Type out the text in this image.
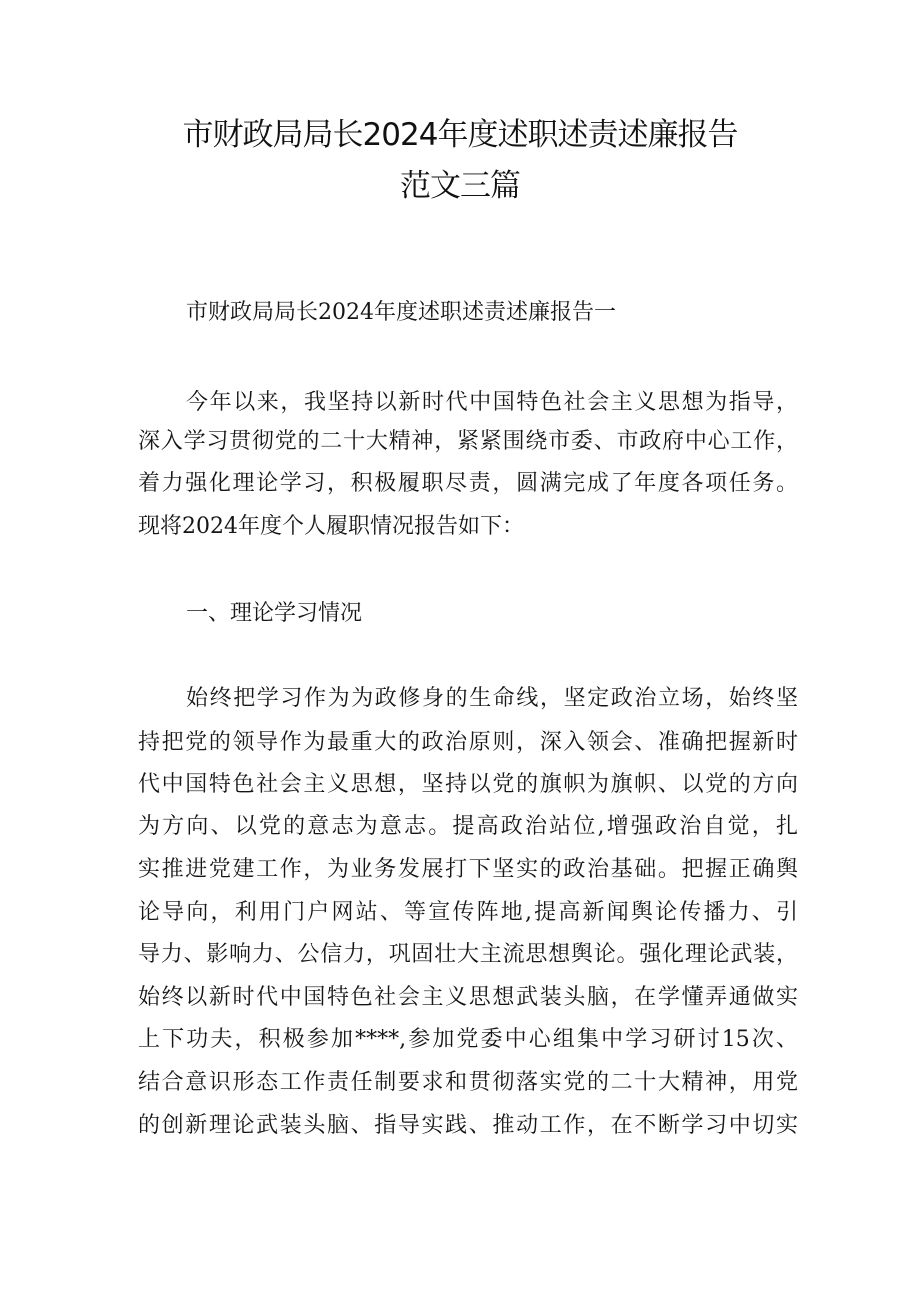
市财政局局长2024年度述职述责述廉报告
范文三篇
市财政局局长2024年度述职述责述廉报告一
今年以来，我坚持以新时代中国特色社会主义思想为指导，
深入学习贯彻党的二十大精神，紧紧围绕市委、市政府中心工作，
着力强化理论学习，积极履职尽责，圆满完成了年度各项任务。
现将2024年度个人履职情况报告如下：
一、理论学习情况
始终把学习作为为政修身的生命线，坚定政治立场，始终坚
持把党的领导作为最重大的政治原则，深入领会、准确把握新时
代中国特色社会主义思想，坚持以党的旗帜为旗帜、以党的方向
为方向、以党的意志为意志。提高政治站位,增强政治自觉，扎
实推进党建工作，为业务发展打下坚实的政治基础。把握正确舆
论导向，利用门户网站、等宣传阵地,提高新闻舆论传播力、引
导力、影响力、公信力，巩固壮大主流思想舆论。强化理论武装，
始终以新时代中国特色社会主义思想武装头脑，在学懂弄通做实
上下功夫，积极参加****,参加党委中心组集中学习研讨15次、
结合意识形态工作责任制要求和贯彻落实党的二十大精神，用党
的创新理论武装头脑、指导实践、推动工作，在不断学习中切实
